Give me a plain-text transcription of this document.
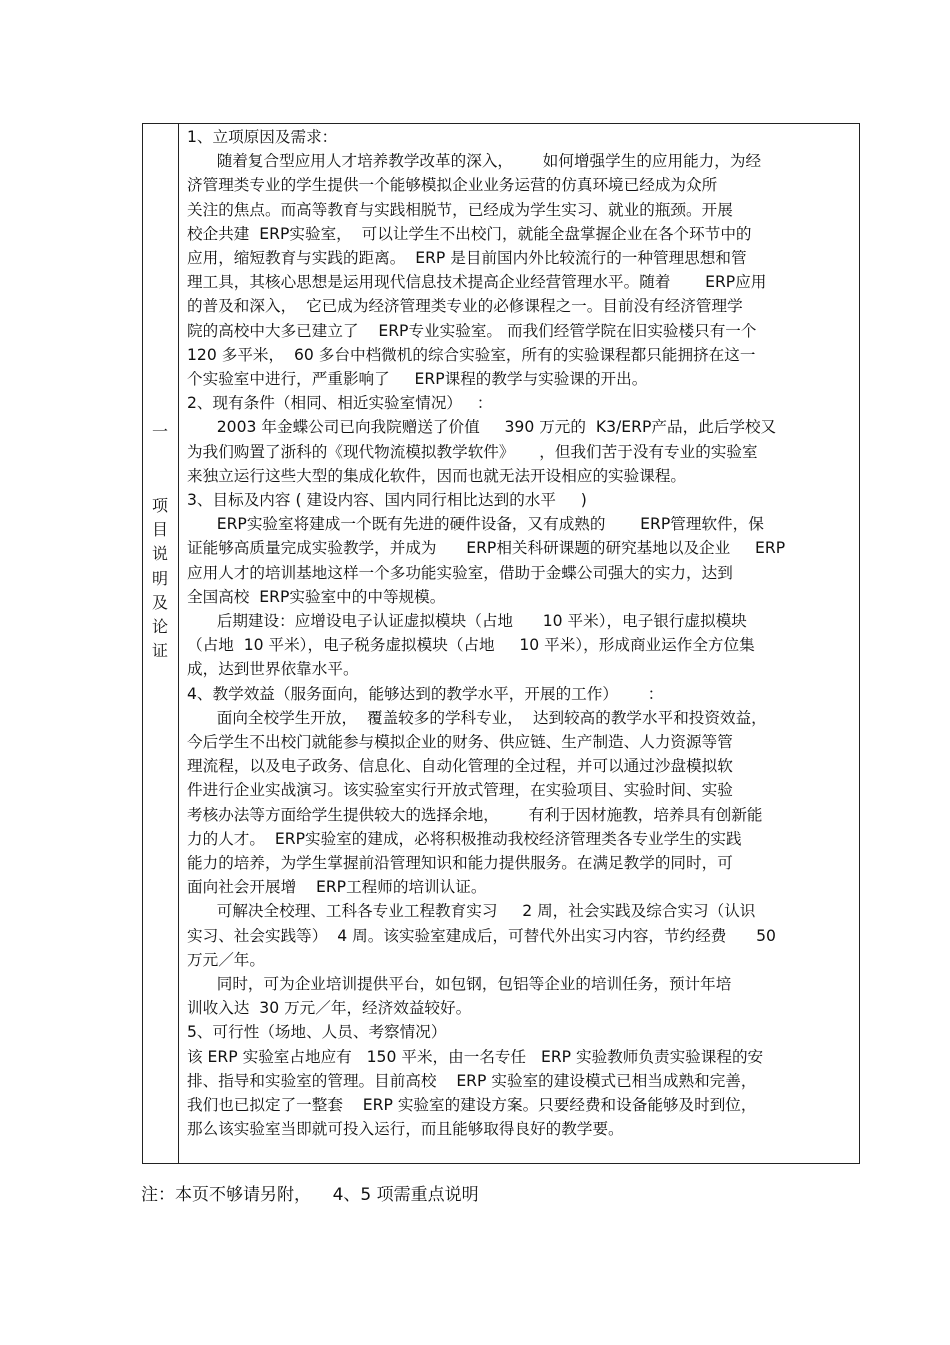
一
项
目
说
明
及
论
证
1、立项原因及需求：
随着复合型应用人才培养教学改革的深入，      如何增强学生的应用能力，为经
济管理类专业的学生提供一个能够模拟企业业务运营的仿真环境已经成为众所
关注的焦点。而高等教育与实践相脱节，已经成为学生实习、就业的瓶颈。开展
校企共建  ERP实验室，  可以让学生不出校门，就能全盘掌握企业在各个环节中的
应用，缩短教育与实践的距离。  ERP 是目前国内外比较流行的一种管理思想和管
理工具，其核心思想是运用现代信息技术提高企业经营管理水平。随着       ERP应用
的普及和深入，  它已成为经济管理类专业的必修课程之一。目前没有经济管理学
院的高校中大多已建立了    ERP专业实验室。 而我们经管学院在旧实验楼只有一个
120 多平米，  60 多台中档微机的综合实验室，所有的实验课程都只能拥挤在这一
个实验室中进行，严重影响了     ERP课程的教学与实验课的开出。
2、现有条件（相同、相近实验室情况）   ：
2003 年金蝶公司已向我院赠送了价值     390 万元的  K3/ERP产品，此后学校又
为我们购置了浙科的《现代物流模拟教学软件》     ，但我们苦于没有专业的实验室
来独立运行这些大型的集成化软件，因而也就无法开设相应的实验课程。
3、目标及内容 ( 建设内容、国内同行相比达到的水平     )
ERP实验室将建成一个既有先进的硬件设备，又有成熟的       ERP管理软件，保
证能够高质量完成实验教学，并成为      ERP相关科研课题的研究基地以及企业     ERP
应用人才的培训基地这样一个多功能实验室，借助于金蝶公司强大的实力，达到
全国高校  ERP实验室中的中等规模。
后期建设：应增设电子认证虚拟模块（占地      10 平米），电子银行虚拟模块
（占地  10 平米），电子税务虚拟模块（占地     10 平米），形成商业运作全方位集
成，达到世界依靠水平。
4、教学效益（服务面向，能够达到的教学水平，开展的工作）      ：
面向全校学生开放，  覆盖较多的学科专业，  达到较高的教学水平和投资效益，
今后学生不出校门就能参与模拟企业的财务、供应链、生产制造、人力资源等管
理流程，以及电子政务、信息化、自动化管理的全过程，并可以通过沙盘模拟软
件进行企业实战演习。该实验室实行开放式管理，在实验项目、实验时间、实验
考核办法等方面给学生提供较大的选择余地，      有利于因材施教，培养具有创新能
力的人才。  ERP实验室的建成，必将积极推动我校经济管理类各专业学生的实践
能力的培养，为学生掌握前沿管理知识和能力提供服务。在满足教学的同时，可
面向社会开展增    ERP工程师的培训认证。
可解决全校理、工科各专业工程教育实习     2 周，社会实践及综合实习（认识
实习、社会实践等）  4 周。该实验室建成后，可替代外出实习内容，节约经费      50
万元／年。
同时，可为企业培训提供平台，如包钢，包铝等企业的培训任务，预计年培
训收入达  30 万元／年，经济效益较好。
5、可行性（场地、人员、考察情况）
该 ERP 实验室占地应有   150 平米，由一名专任   ERP 实验教师负责实验课程的安
排、指导和实验室的管理。目前高校    ERP 实验室的建设模式已相当成熟和完善，
我们也已拟定了一整套    ERP 实验室的建设方案。只要经费和设备能够及时到位，
那么该实验室当即就可投入运行，而且能够取得良好的教学要。
注：本页不够请另附，    4、5 项需重点说明
